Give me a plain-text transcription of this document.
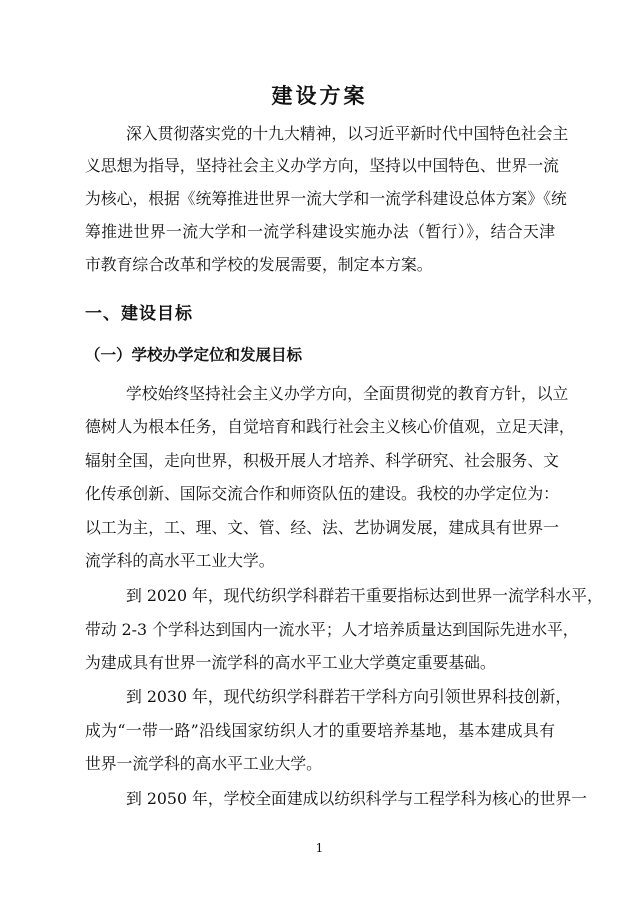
建设方案
深入贯彻落实党的十九大精神，以习近平新时代中国特色社会主
义思想为指导，坚持社会主义办学方向，坚持以中国特色、世界一流
为核心，根据《统筹推进世界一流大学和一流学科建设总体方案》《统
筹推进世界一流大学和一流学科建设实施办法（暂行）》，结合天津
市教育综合改革和学校的发展需要，制定本方案。
一、建设目标
（一）学校办学定位和发展目标
学校始终坚持社会主义办学方向，全面贯彻党的教育方针，以立
德树人为根本任务，自觉培育和践行社会主义核心价值观，立足天津，
辐射全国，走向世界，积极开展人才培养、科学研究、社会服务、文
化传承创新、国际交流合作和师资队伍的建设。我校的办学定位为：
以工为主，工、理、文、管、经、法、艺协调发展，建成具有世界一
流学科的高水平工业大学。
到 2020 年，现代纺织学科群若干重要指标达到世界一流学科水平，
带动 2-3 个学科达到国内一流水平；人才培养质量达到国际先进水平，
为建成具有世界一流学科的高水平工业大学奠定重要基础。
到 2030 年，现代纺织学科群若干学科方向引领世界科技创新，
成为“一带一路”沿线国家纺织人才的重要培养基地，基本建成具有
世界一流学科的高水平工业大学。
到 2050 年，学校全面建成以纺织科学与工程学科为核心的世界一
1
